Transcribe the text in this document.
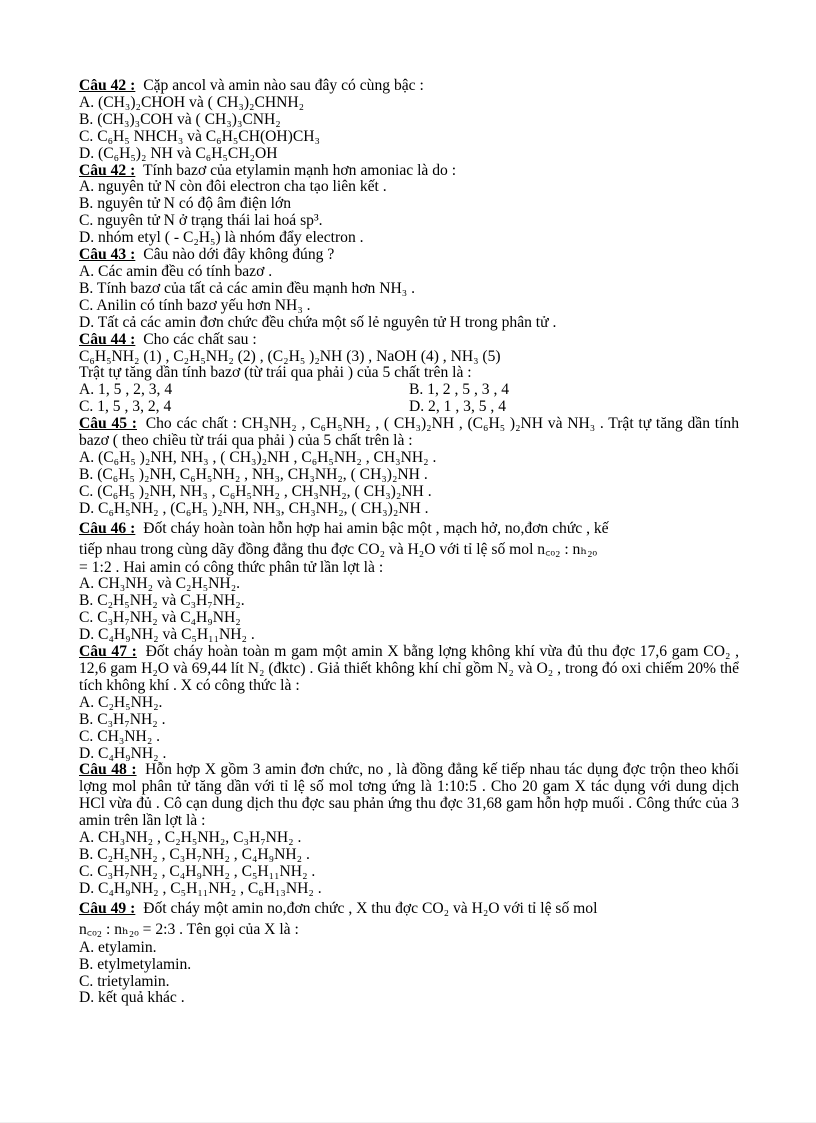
Câu 42 : Cặp ancol và amin nào sau đây có cùng bậc :
A. (CH₃)₂CHOH và ( CH₃)₂CHNH₂
B. (CH₃)₃COH và ( CH₃)₃CNH₂
C. C₆H₅ NHCH₃ và C₆H₅CH(OH)CH₃
D. (C₆H₅)₂ NH và C₆H₅CH₂OH
Câu 42 : Tính bazơ của etylamin mạnh hơn amoniac là do :
A. nguyên tử N còn đôi electron cha tạo liên kết .
B. nguyên tử N có độ âm điện lớn
C. nguyên tử N ở trạng thái lai hoá sp³.
D. nhóm etyl ( - C₂H₅) là nhóm đẩy electron .
Câu 43 : Câu nào dới đây không đúng ?
A. Các amin đều có tính bazơ .
B. Tính bazơ của tất cả các amin đều mạnh hơn NH₃ .
C. Anilin có tính bazơ yếu hơn NH₃ .
D. Tất cả các amin đơn chức đều chứa một số lẻ nguyên tử H trong phân tử .
Câu 44 : Cho các chất sau :
C₆H₅NH₂ (1) , C₂H₅NH₂ (2) , (C₂H₅ )₂NH (3) , NaOH (4) , NH₃ (5)
Trật tự tăng dần tính bazơ (từ trái qua phải ) của 5 chất trên là :
A. 1, 5 , 2, 3, 4	B. 1, 2 , 5 , 3 , 4
C. 1, 5 , 3, 2, 4	D. 2, 1 , 3, 5 , 4
Câu 45 : Cho các chất : CH₃NH₂ , C₆H₅NH₂ , ( CH₃)₂NH , (C₆H₅ )₂NH và NH₃ . Trật tự tăng dần tính bazơ ( theo chiều từ trái qua phải ) của 5 chất trên là :
A. (C₆H₅ )₂NH, NH₃ , ( CH₃)₂NH , C₆H₅NH₂ , CH₃NH₂ .
B. (C₆H₅ )₂NH, C₆H₅NH₂ , NH₃, CH₃NH₂, ( CH₃)₂NH .
C. (C₆H₅ )₂NH, NH₃ , C₆H₅NH₂ , CH₃NH₂, ( CH₃)₂NH .
D. C₆H₅NH₂ , (C₆H₅ )₂NH, NH₃, CH₃NH₂, ( CH₃)₂NH .
Câu 46 : Đốt cháy hoàn toàn hỗn hợp hai amin bậc một , mạch hở, no,đơn chức , kế
tiếp nhau trong cùng dãy đồng đẳng thu đợc CO₂ và H₂O với tỉ lệ số mol n꜀ₒ₂ : nₕ₂ₒ
= 1:2 . Hai amin có công thức phân tử lần lợt là :
A. CH₃NH₂ và C₂H₅NH₂.
B. C₂H₅NH₂ và C₃H₇NH₂.
C. C₃H₇NH₂ và C₄H₉NH₂
D. C₄H₉NH₂ và C₅H₁₁NH₂ .
Câu 47 : Đốt cháy hoàn toàn m gam một amin X bằng lợng không khí vừa đủ thu đợc 17,6 gam CO₂ , 12,6 gam H₂O và 69,44 lít N₂ (đktc) . Giả thiết không khí chỉ gồm N₂ và O₂ , trong đó oxi chiếm 20% thể tích không khí . X có công thức là :
A. C₂H₅NH₂.
B. C₃H₇NH₂ .
C. CH₃NH₂ .
D. C₄H₉NH₂ .
Câu 48 : Hỗn hợp X gồm 3 amin đơn chức, no , là đồng đẳng kế tiếp nhau tác dụng đợc trộn theo khối lợng mol phân tử tăng dần với tỉ lệ số mol tơng ứng là 1:10:5 . Cho 20 gam X tác dụng với dung dịch HCl vừa đủ . Cô cạn dung dịch thu đợc sau phản ứng thu đợc 31,68 gam hỗn hợp muối . Công thức của 3 amin trên lần lợt là :
A. CH₃NH₂ , C₂H₅NH₂, C₃H₇NH₂ .
B. C₂H₅NH₂ , C₃H₇NH₂ , C₄H₉NH₂ .
C. C₃H₇NH₂ , C₄H₉NH₂ , C₅H₁₁NH₂ .
D. C₄H₉NH₂ , C₅H₁₁NH₂ , C₆H₁₃NH₂ .
Câu 49 : Đốt cháy một amin no,đơn chức , X thu đợc CO₂ và H₂O với tỉ lệ số mol
n꜀ₒ₂ : nₕ₂ₒ = 2:3 . Tên gọi của X là :
A. etylamin.
B. etylmetylamin.
C. trietylamin.
D. kết quả khác .
